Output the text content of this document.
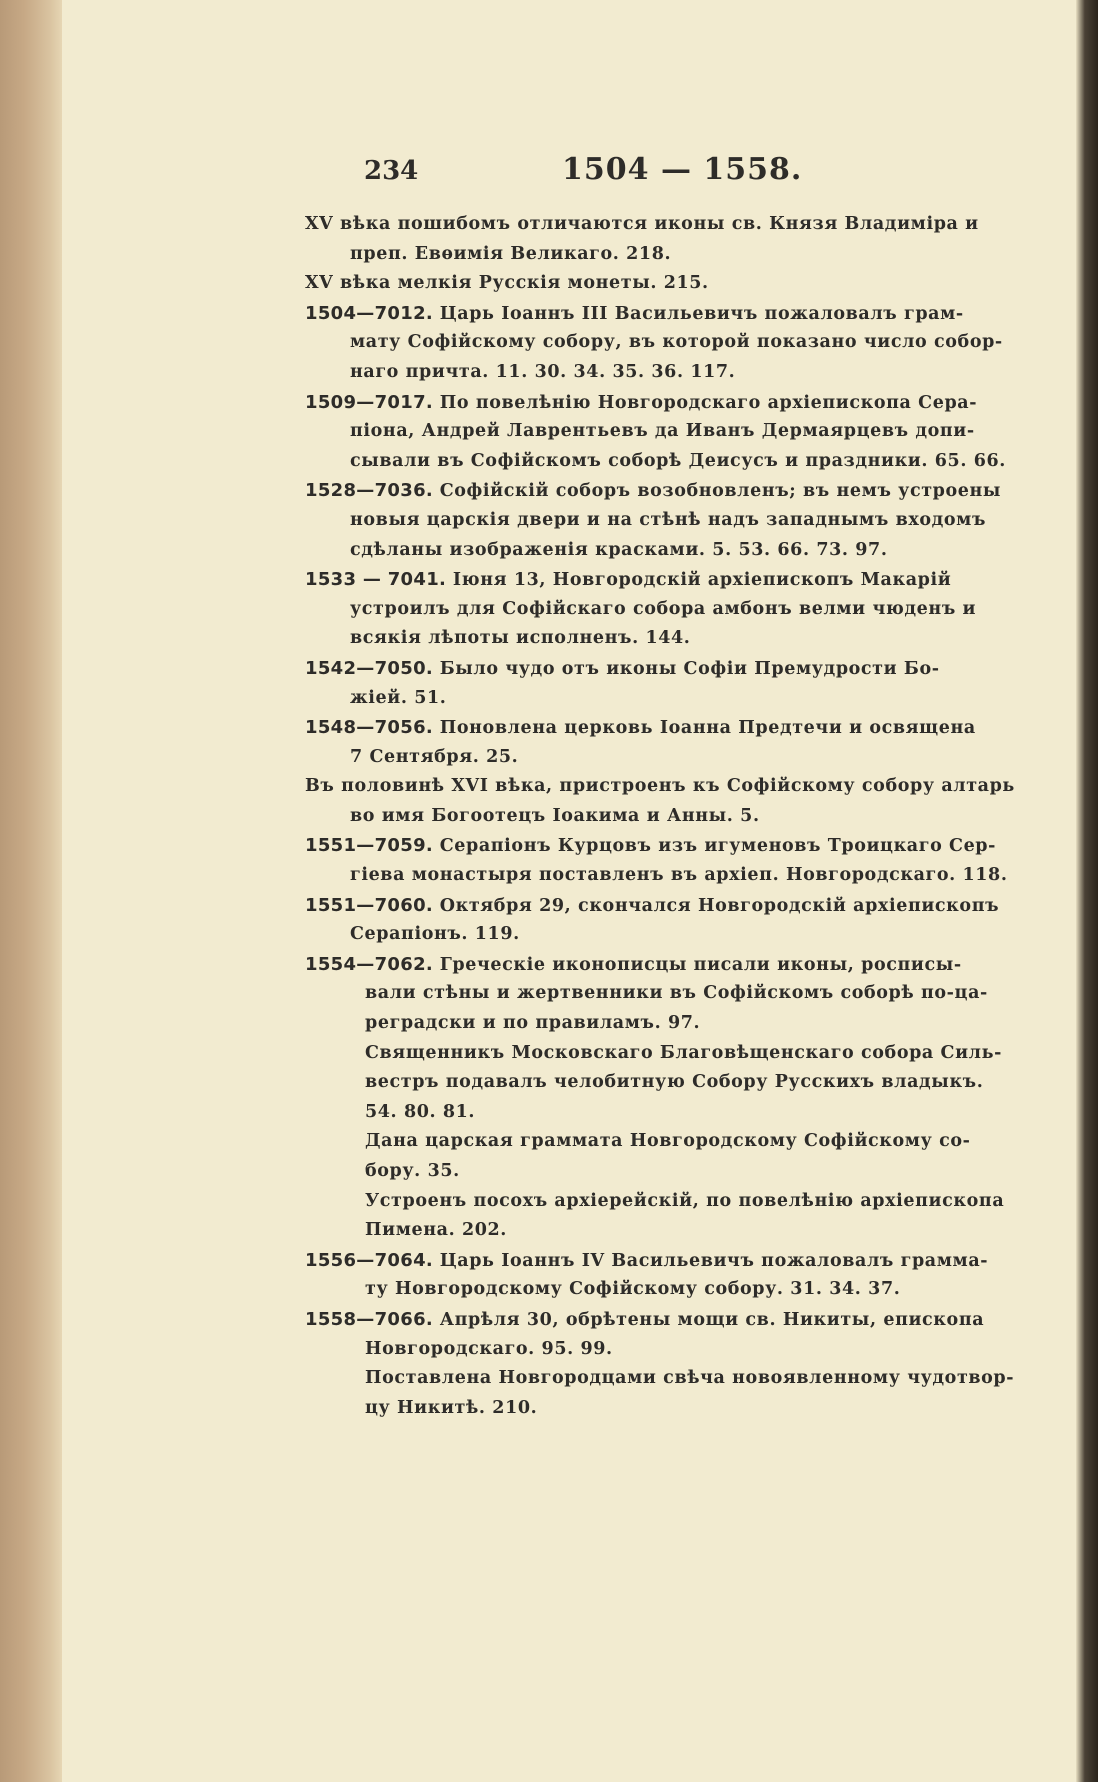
234	1504 — 1558.
XV вѣка пошибомъ отличаются иконы св. Князя Владиміра и
преп. Евѳимія Великаго. 218.
XV вѣка мелкія Русскія монеты. 215.
1504—7012. Царь Іоаннъ III Васильевичъ пожаловалъ грам-
мату Софійскому собору, въ которой показано число собор-
наго причта. 11. 30. 34. 35. 36. 117.
1509—7017. По повелѣнію Новгородскаго архіепископа Сера-
піона, Андрей Лаврентьевъ да Иванъ Дермаярцевъ допи-
сывали въ Софійскомъ соборѣ Деисусъ и праздники. 65. 66.
1528—7036. Софійскій соборъ возобновленъ; въ немъ устроены
новыя царскія двери и на стѣнѣ надъ западнымъ входомъ
сдѣланы изображенія красками. 5. 53. 66. 73. 97.
1533 — 7041. Іюня 13, Новгородскій архіепископъ Макарій
устроилъ для Софійскаго собора амбонъ велми чюденъ и
всякія лѣпоты исполненъ. 144.
1542—7050. Было чудо отъ иконы Софіи Премудрости Бо-
жіей. 51.
1548—7056. Поновлена церковь Іоанна Предтечи и освящена
7 Сентября. 25.
Въ половинѣ XVI вѣка, пристроенъ къ Софійскому собору алтарь
во имя Богоотецъ Іоакима и Анны. 5.
1551—7059. Серапіонъ Курцовъ изъ игуменовъ Троицкаго Сер-
гіева монастыря поставленъ въ архіеп. Новгородскаго. 118.
1551—7060. Октября 29, скончался Новгородскій архіепископъ
Серапіонъ. 119.
1554—7062. Греческіе иконописцы писали иконы, росписы-
вали стѣны и жертвенники въ Софійскомъ соборѣ по-ца-
реградски и по правиламъ. 97.
Священникъ Московскаго Благовѣщенскаго собора Силь-
вестръ подавалъ челобитную Собору Русскихъ владыкъ.
54. 80. 81.
Дана царская граммата Новгородскому Софійскому со-
бору. 35.
Устроенъ посохъ архіерейскій, по повелѣнію архіепископа
Пимена. 202.
1556—7064. Царь Іоаннъ IV Васильевичъ пожаловалъ грамма-
ту Новгородскому Софійскому собору. 31. 34. 37.
1558—7066. Апрѣля 30, обрѣтены мощи св. Никиты, епископа
Новгородскаго. 95. 99.
Поставлена Новгородцами свѣча новоявленному чудотвор-
цу Никитѣ. 210.
